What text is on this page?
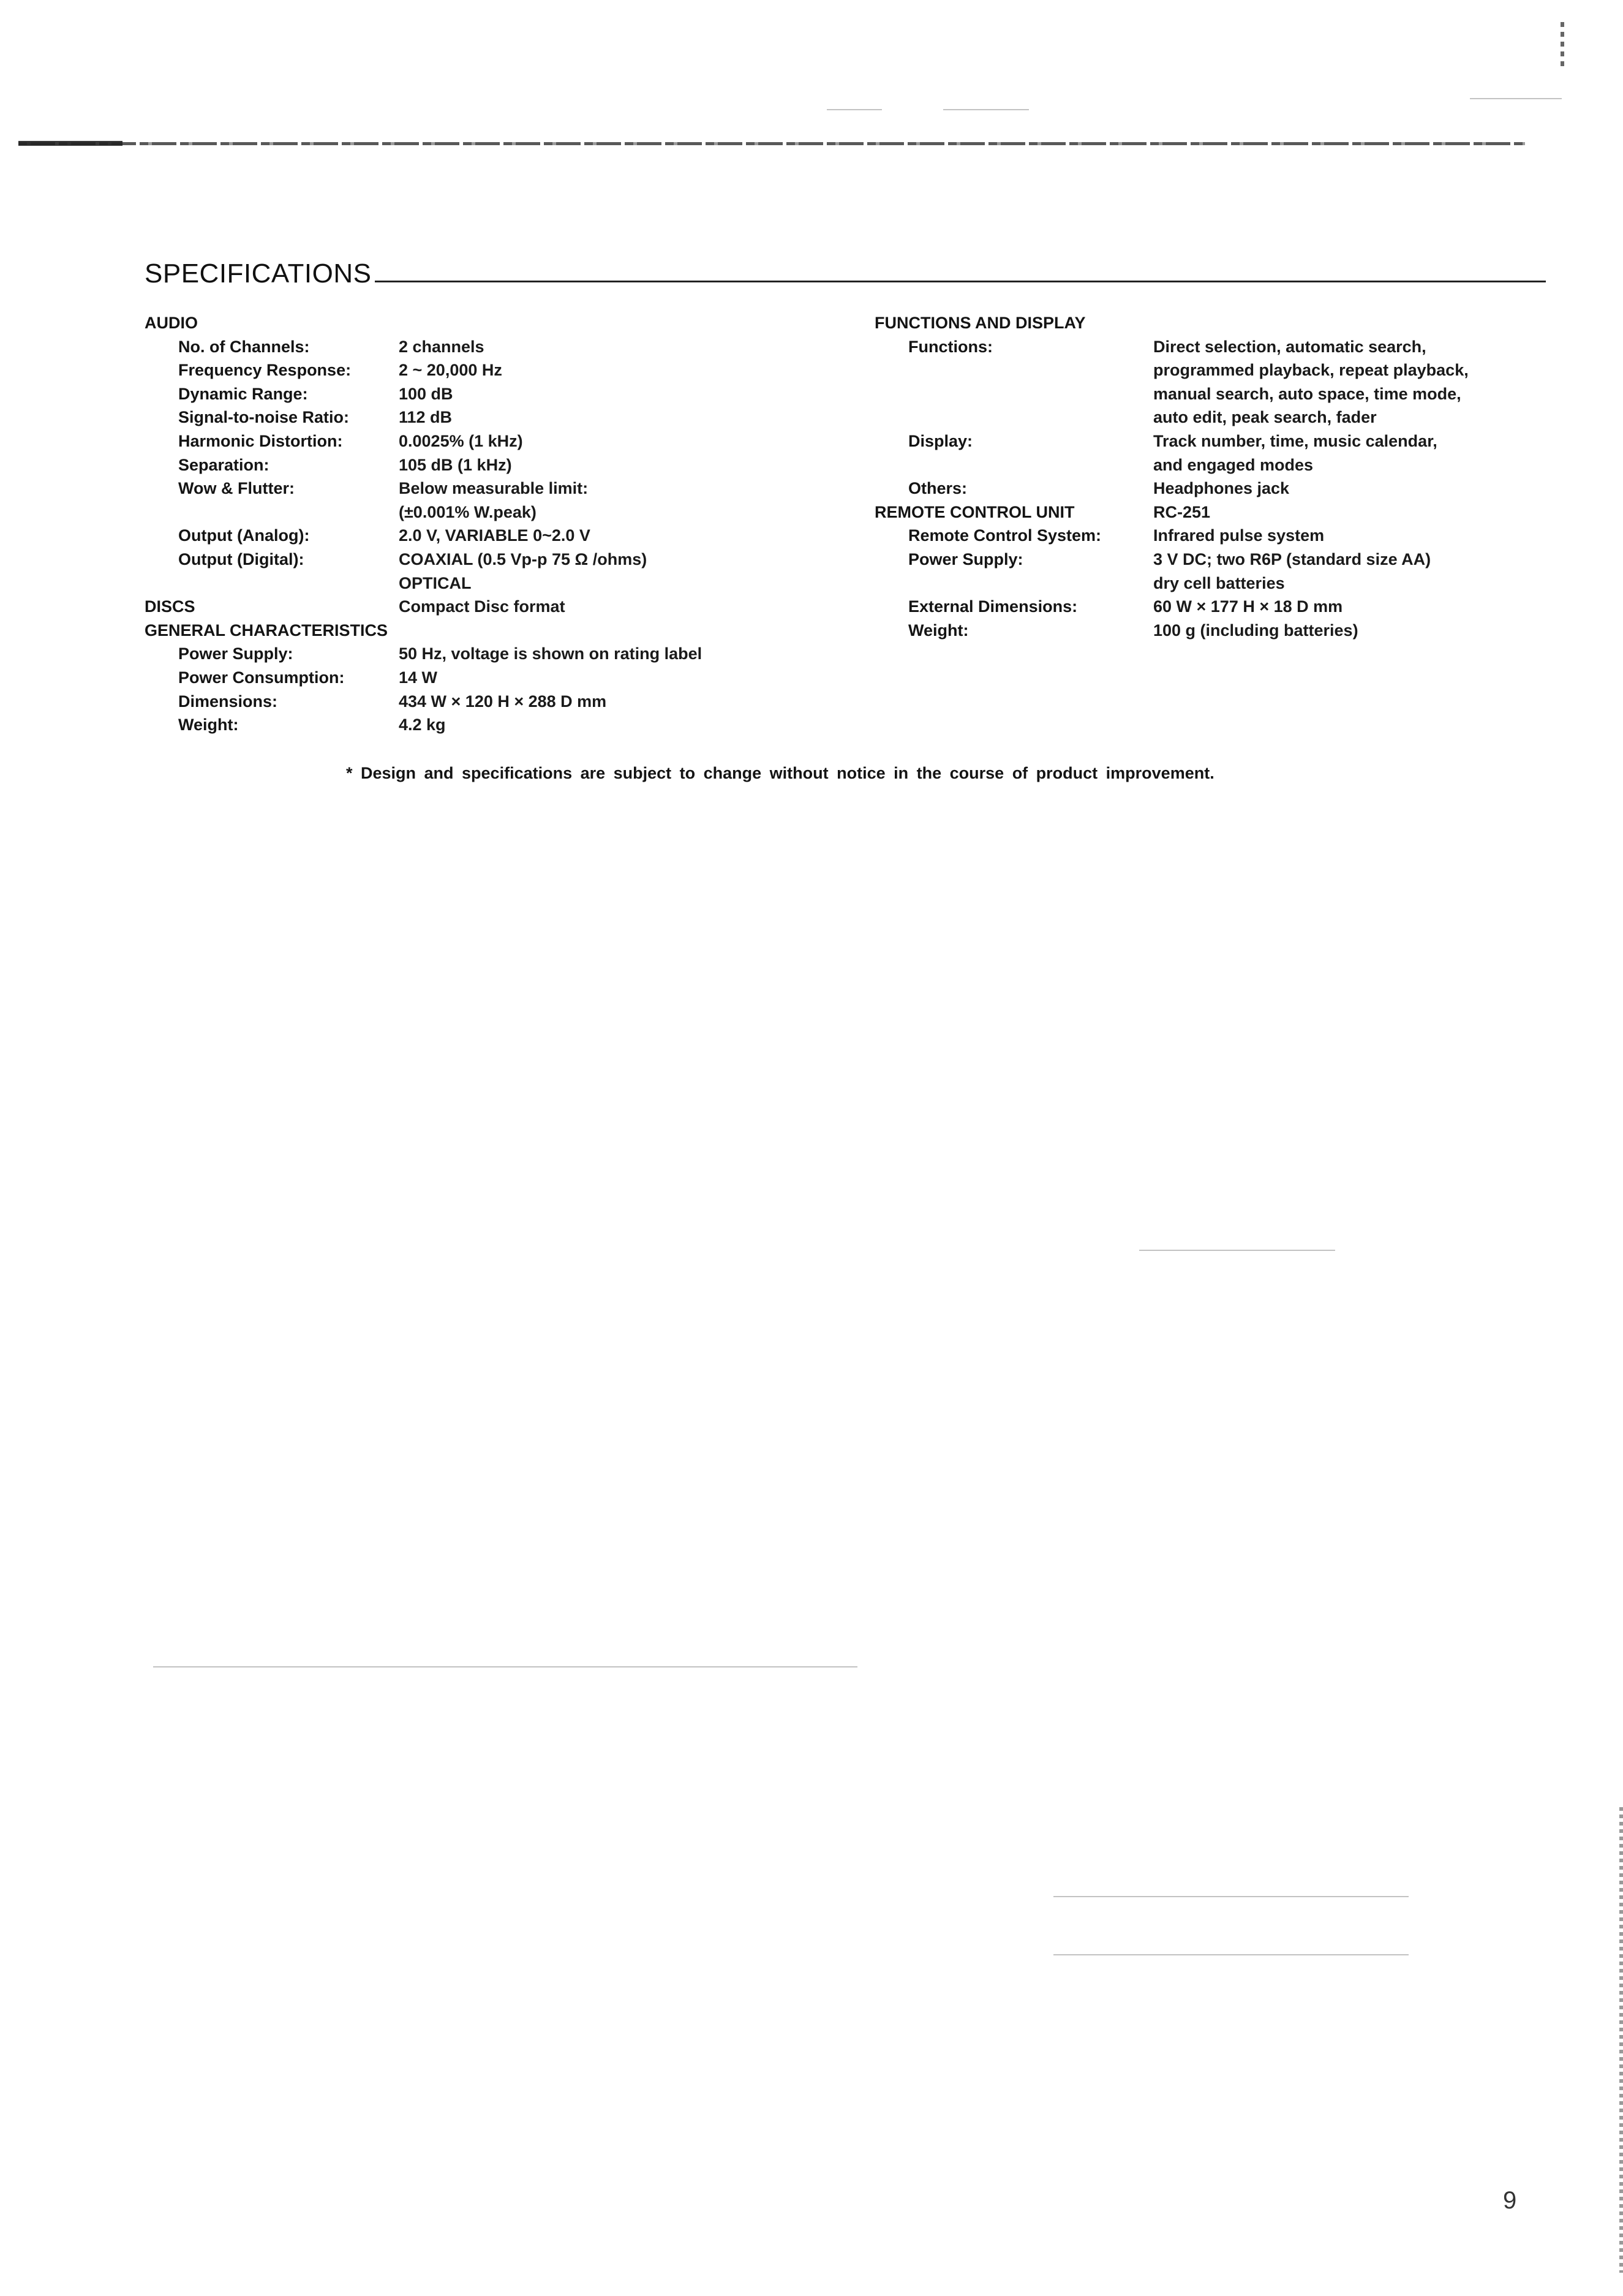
SPECIFICATIONS
AUDIO
No. of Channels:	2 channels
Frequency Response:	2 ~ 20,000 Hz
Dynamic Range:	100 dB
Signal-to-noise Ratio:	112 dB
Harmonic Distortion:	0.0025% (1 kHz)
Separation:	105 dB (1 kHz)
Wow & Flutter:	Below measurable limit:
(±0.001% W.peak)
Output (Analog):	2.0 V, VARIABLE 0~2.0 V
Output (Digital):	COAXIAL (0.5 Vp-p 75 Ω /ohms)
OPTICAL
DISCS	Compact Disc format
GENERAL CHARACTERISTICS
Power Supply:	50 Hz, voltage is shown on rating label
Power Consumption:	14 W
Dimensions:	434 W × 120 H × 288 D mm
Weight:	4.2 kg
FUNCTIONS AND DISPLAY
Functions:	Direct selection, automatic search,
programmed playback, repeat playback,
manual search, auto space, time mode,
auto edit, peak search, fader
Display:	Track number, time, music calendar,
and engaged modes
Others:	Headphones jack
REMOTE CONTROL UNIT	RC-251
Remote Control System:	Infrared pulse system
Power Supply:	3 V DC; two R6P (standard size AA)
dry cell batteries
External Dimensions:	60 W × 177 H × 18 D mm
Weight:	100 g (including batteries)
* Design and specifications are subject to change without notice in the course of product improvement.
9
